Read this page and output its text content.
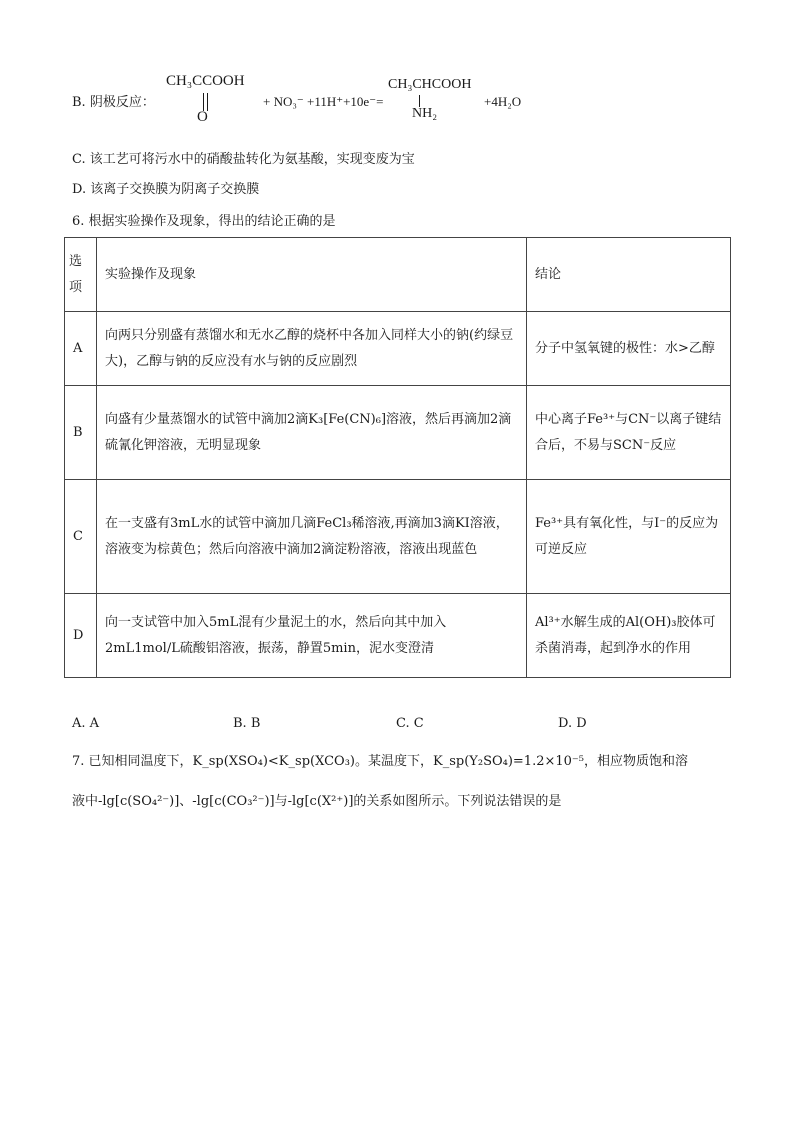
B. 阴极反应：
CH₃CCOOH
O
+ NO₃⁻ +11H⁺+10e⁻=
CH₃CHCOOH
NH₂
+4H₂O
C. 该工艺可将污水中的硝酸盐转化为氨基酸，实现变废为宝
D. 该离子交换膜为阴离子交换膜
6. 根据实验操作及现象，得出的结论正确的是
选项	实验操作及现象	结论
A	向两只分别盛有蒸馏水和无水乙醇的烧杯中各加入同样大小的钠(约绿豆大)，乙醇与钠的反应没有水与钠的反应剧烈	分子中氢氧键的极性：水>乙醇
B	向盛有少量蒸馏水的试管中滴加2滴K₃[Fe(CN)₆]溶液，然后再滴加2滴硫氰化钾溶液，无明显现象	中心离子Fe³⁺与CN⁻以离子键结合后，不易与SCN⁻反应
C	在一支盛有3mL水的试管中滴加几滴FeCl₃稀溶液,再滴加3滴KI溶液，溶液变为棕黄色；然后向溶液中滴加2滴淀粉溶液，溶液出现蓝色	Fe³⁺具有氧化性，与I⁻的反应为可逆反应
D	向一支试管中加入5mL混有少量泥土的水，然后向其中加入2mL1mol/L硫酸铝溶液，振荡，静置5min，泥水变澄清	Al³⁺水解生成的Al(OH)₃胶体可杀菌消毒，起到净水的作用
A. A	B. B	C. C	D. D
7. 已知相同温度下，K_sp(XSO₄)<K_sp(XCO₃)。某温度下，K_sp(Y₂SO₄)=1.2×10⁻⁵，相应物质饱和溶
液中-lg[c(SO₄²⁻)]、-lg[c(CO₃²⁻)]与-lg[c(X²⁺)]的关系如图所示。下列说法错误的是
